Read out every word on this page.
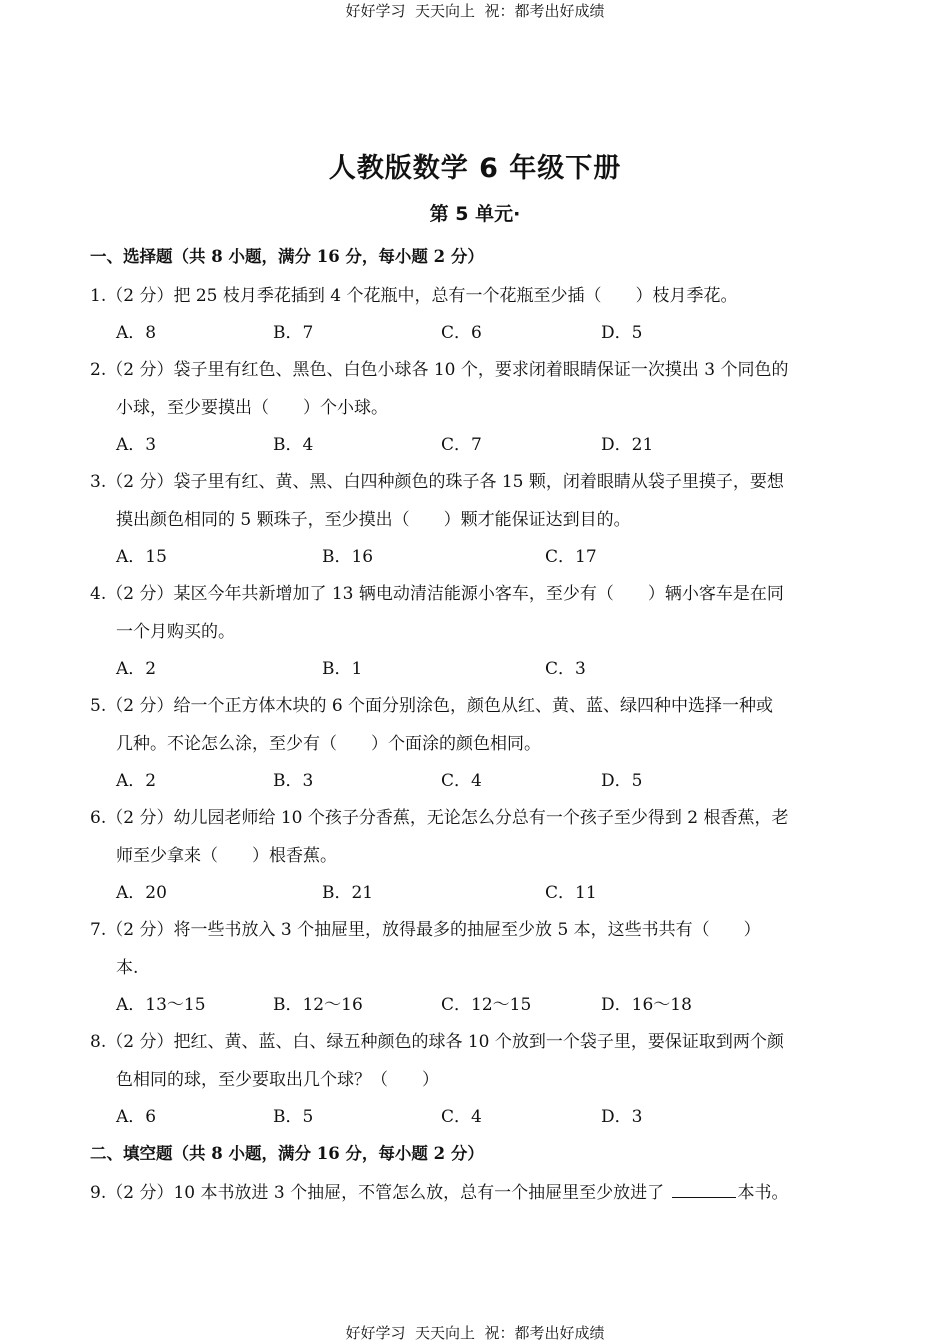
好好学习  天天向上  祝：都考出好成绩
好好学习  天天向上  祝：都考出好成绩
人教版数学 6 年级下册
第 5 单元·
一、选择题（共 8 小题，满分 16 分，每小题 2 分）
1.（2 分）把 25 枝月季花插到 4 个花瓶中，总有一个花瓶至少插（　　）枝月季花。
A．8	B．7	C．6	D．5
2.（2 分）袋子里有红色、黑色、白色小球各 10 个，要求闭着眼睛保证一次摸出 3 个同色的
小球，至少要摸出（　　）个小球。
A．3	B．4	C．7	D．21
3.（2 分）袋子里有红、黄、黑、白四种颜色的珠子各 15 颗，闭着眼睛从袋子里摸子，要想
摸出颜色相同的 5 颗珠子，至少摸出（　　）颗才能保证达到目的。
A．15	B．16	C．17
4.（2 分）某区今年共新增加了 13 辆电动清洁能源小客车，至少有（　　）辆小客车是在同
一个月购买的。
A．2	B．1	C．3
5.（2 分）给一个正方体木块的 6 个面分别涂色，颜色从红、黄、蓝、绿四种中选择一种或
几种。不论怎么涂，至少有（　　）个面涂的颜色相同。
A．2	B．3	C．4	D．5
6.（2 分）幼儿园老师给 10 个孩子分香蕉，无论怎么分总有一个孩子至少得到 2 根香蕉，老
师至少拿来（　　）根香蕉。
A．20	B．21	C．11
7.（2 分）将一些书放入 3 个抽屉里，放得最多的抽屉至少放 5 本，这些书共有（　　）
本.
A．13～15	B．12～16	C．12～15	D．16～18
8.（2 分）把红、黄、蓝、白、绿五种颜色的球各 10 个放到一个袋子里，要保证取到两个颜
色相同的球，至少要取出几个球？（　　）
A．6	B．5	C．4	D．3
二、填空题（共 8 小题，满分 16 分，每小题 2 分）
9.（2 分）10 本书放进 3 个抽屉，不管怎么放，总有一个抽屉里至少放进了	本书。
